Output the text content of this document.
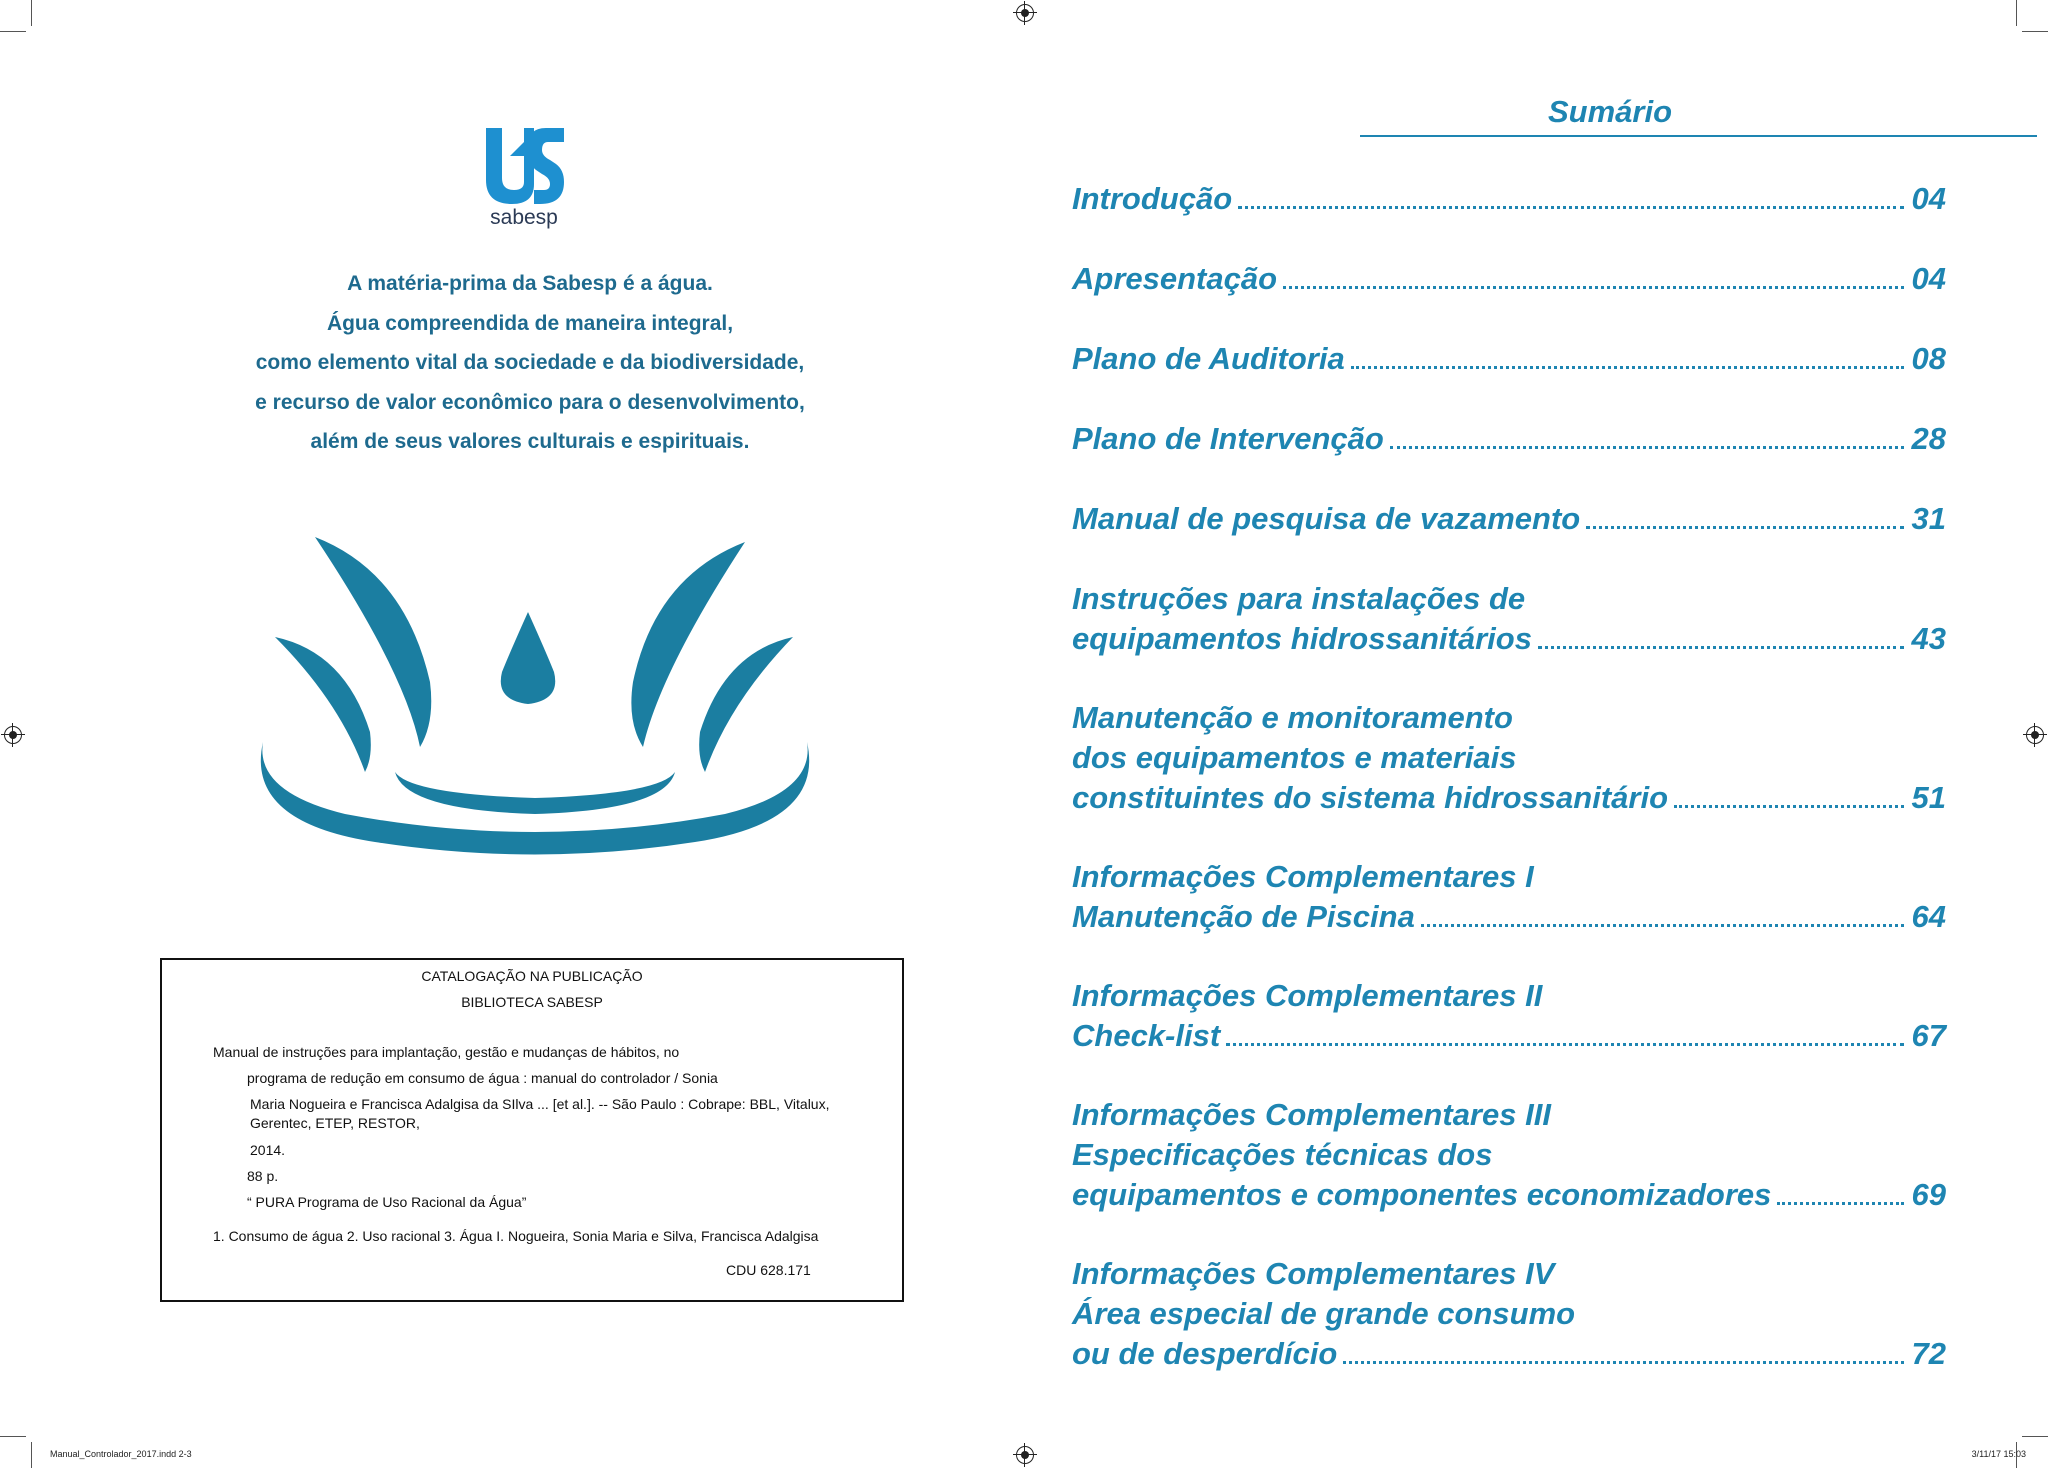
Manual_Controlador_2017.indd 2-3	3/11/17 15:03
sabesp
A matéria-prima da Sabesp é a água.
Água compreendida de maneira integral,
como elemento vital da sociedade e da biodiversidade,
e recurso de valor econômico para o desenvolvimento,
além de seus valores culturais e espirituais.
CATALOGAÇÃO NA PUBLICAÇÃO
BIBLIOTECA SABESP
Manual de instruções para implantação, gestão e mudanças de hábitos, no
programa de redução em consumo de água : manual do controlador / Sonia
Maria Nogueira e Francisca Adalgisa da SIlva ... [et al.]. -- São Paulo : Cobrape: BBL, Vitalux,
Gerentec, ETEP, RESTOR,
2014.
88 p.
“ PURA Programa de Uso Racional da Água”
1. Consumo de água 2. Uso racional 3. Água I. Nogueira, Sonia Maria e Silva, Francisca Adalgisa
CDU 628.171
Sumário
Introdução	04
Apresentação	04
Plano de Auditoria	08
Plano de Intervenção	28
Manual de pesquisa de vazamento	31
Instruções para instalações de
equipamentos hidrossanitários	43
Manutenção e monitoramento
dos equipamentos e materiais
constituintes do sistema hidrossanitário	51
Informações Complementares I
Manutenção de Piscina	64
Informações Complementares II
Check-list	67
Informações Complementares III
Especificações técnicas dos
equipamentos e componentes economizadores	69
Informações Complementares IV
Área especial de grande consumo
ou de desperdício	72
